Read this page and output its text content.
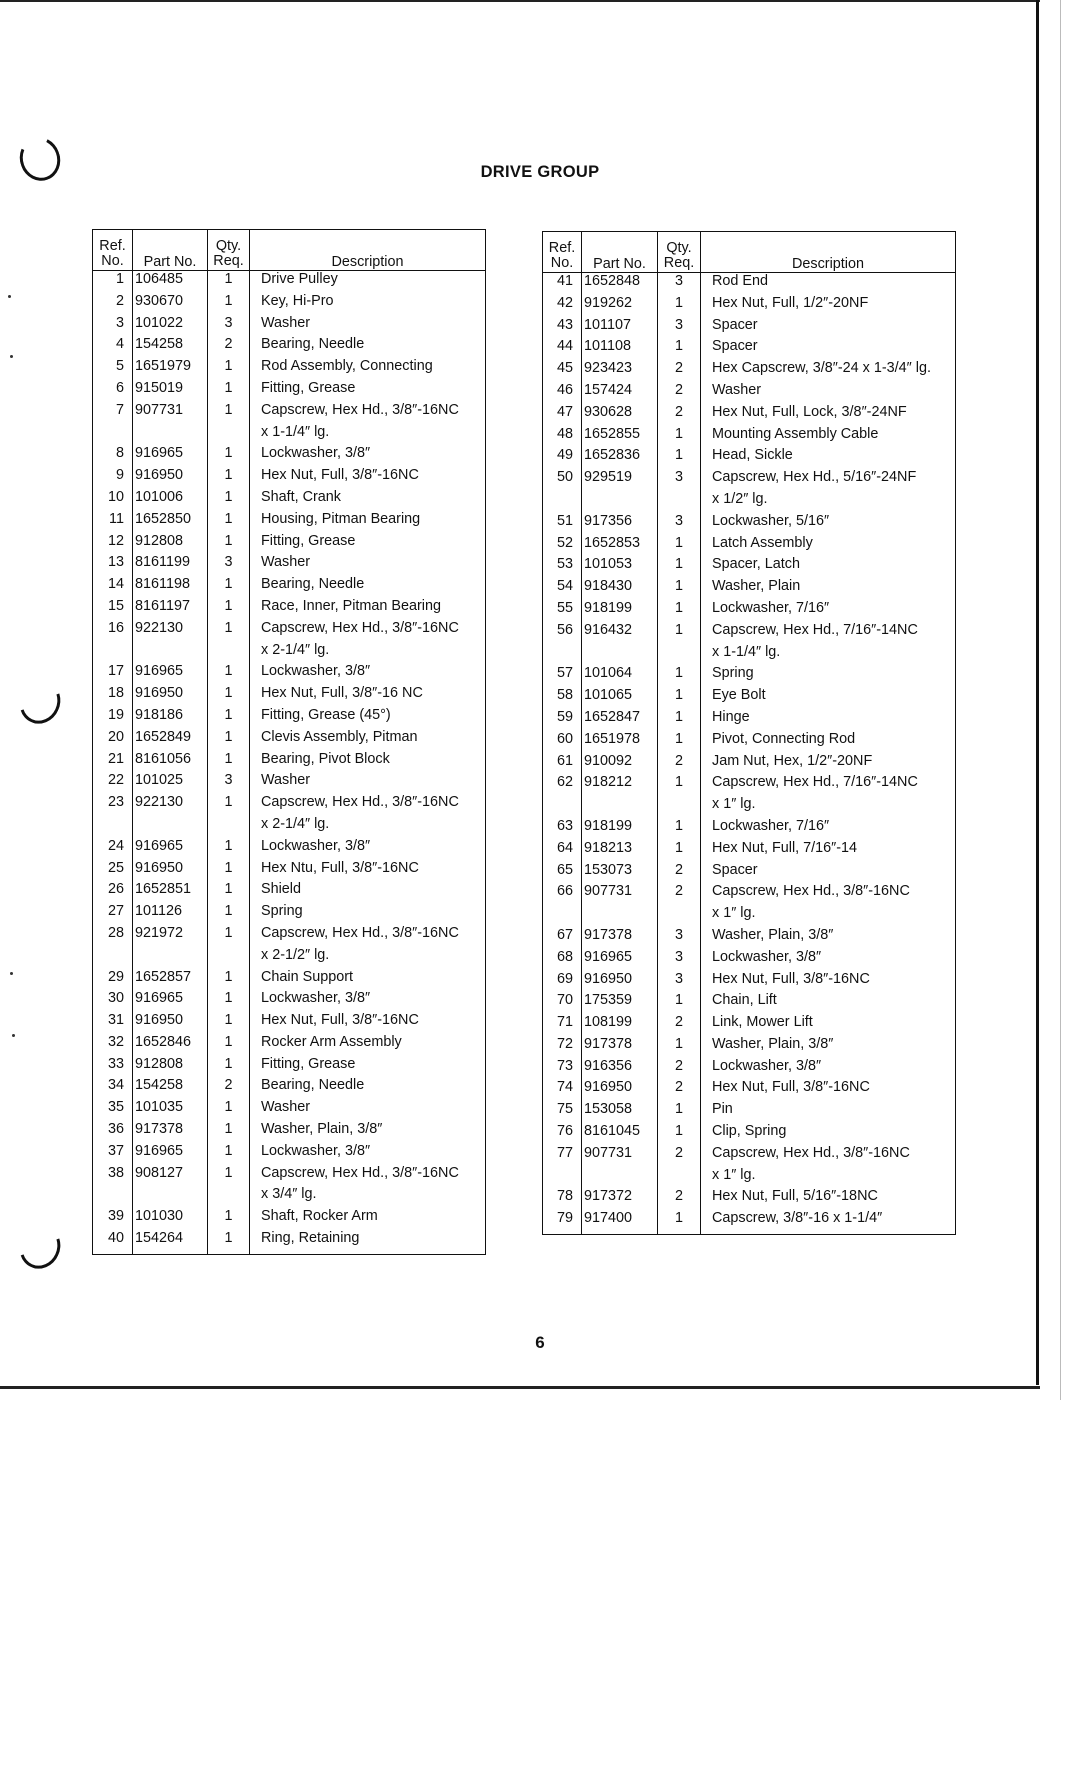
DRIVE GROUP
Ref.
No.	Part No.	Qty.
Req.	Description
1	106485	1	Drive Pulley
2	930670	1	Key, Hi-Pro
3	101022	3	Washer
4	154258	2	Bearing, Needle
5	1651979	1	Rod Assembly, Connecting
6	915019	1	Fitting, Grease
7	907731	1	Capscrew, Hex Hd., 3/8″-16NC
			x 1-1/4″ lg.
8	916965	1	Lockwasher, 3/8″
9	916950	1	Hex Nut, Full, 3/8″-16NC
10	101006	1	Shaft, Crank
11	1652850	1	Housing, Pitman Bearing
12	912808	1	Fitting, Grease
13	8161199	3	Washer
14	8161198	1	Bearing, Needle
15	8161197	1	Race, Inner, Pitman Bearing
16	922130	1	Capscrew, Hex Hd., 3/8″-16NC
			x 2-1/4″ lg.
17	916965	1	Lockwasher, 3/8″
18	916950	1	Hex Nut, Full, 3/8″-16 NC
19	918186	1	Fitting, Grease (45°)
20	1652849	1	Clevis Assembly, Pitman
21	8161056	1	Bearing, Pivot Block
22	101025	3	Washer
23	922130	1	Capscrew, Hex Hd., 3/8″-16NC
			x 2-1/4″ lg.
24	916965	1	Lockwasher, 3/8″
25	916950	1	Hex Ntu, Full, 3/8″-16NC
26	1652851	1	Shield
27	101126	1	Spring
28	921972	1	Capscrew, Hex Hd., 3/8″-16NC
			x 2-1/2″ lg.
29	1652857	1	Chain Support
30	916965	1	Lockwasher, 3/8″
31	916950	1	Hex Nut, Full, 3/8″-16NC
32	1652846	1	Rocker Arm Assembly
33	912808	1	Fitting, Grease
34	154258	2	Bearing, Needle
35	101035	1	Washer
36	917378	1	Washer, Plain, 3/8″
37	916965	1	Lockwasher, 3/8″
38	908127	1	Capscrew, Hex Hd., 3/8″-16NC
			x 3/4″ lg.
39	101030	1	Shaft, Rocker Arm
40	154264	1	Ring, Retaining
Ref.
No.	Part No.	Qty.
Req.	Description
41	1652848	3	Rod End
42	919262	1	Hex Nut, Full, 1/2″-20NF
43	101107	3	Spacer
44	101108	1	Spacer
45	923423	2	Hex Capscrew, 3/8″-24 x 1-3/4″ lg.
46	157424	2	Washer
47	930628	2	Hex Nut, Full, Lock, 3/8″-24NF
48	1652855	1	Mounting Assembly Cable
49	1652836	1	Head, Sickle
50	929519	3	Capscrew, Hex Hd., 5/16″-24NF
			x 1/2″ lg.
51	917356	3	Lockwasher, 5/16″
52	1652853	1	Latch Assembly
53	101053	1	Spacer, Latch
54	918430	1	Washer, Plain
55	918199	1	Lockwasher, 7/16″
56	916432	1	Capscrew, Hex Hd., 7/16″-14NC
			x 1-1/4″ lg.
57	101064	1	Spring
58	101065	1	Eye Bolt
59	1652847	1	Hinge
60	1651978	1	Pivot, Connecting Rod
61	910092	2	Jam Nut, Hex, 1/2″-20NF
62	918212	1	Capscrew, Hex Hd., 7/16″-14NC
			x 1″ lg.
63	918199	1	Lockwasher, 7/16″
64	918213	1	Hex Nut, Full, 7/16″-14
65	153073	2	Spacer
66	907731	2	Capscrew, Hex Hd., 3/8″-16NC
			x 1″ lg.
67	917378	3	Washer, Plain, 3/8″
68	916965	3	Lockwasher, 3/8″
69	916950	3	Hex Nut, Full, 3/8″-16NC
70	175359	1	Chain, Lift
71	108199	2	Link, Mower Lift
72	917378	1	Washer, Plain, 3/8″
73	916356	2	Lockwasher, 3/8″
74	916950	2	Hex Nut, Full, 3/8″-16NC
75	153058	1	Pin
76	8161045	1	Clip, Spring
77	907731	2	Capscrew, Hex Hd., 3/8″-16NC
			x 1″ lg.
78	917372	2	Hex Nut, Full, 5/16″-18NC
79	917400	1	Capscrew, 3/8″-16 x 1-1/4″
6
